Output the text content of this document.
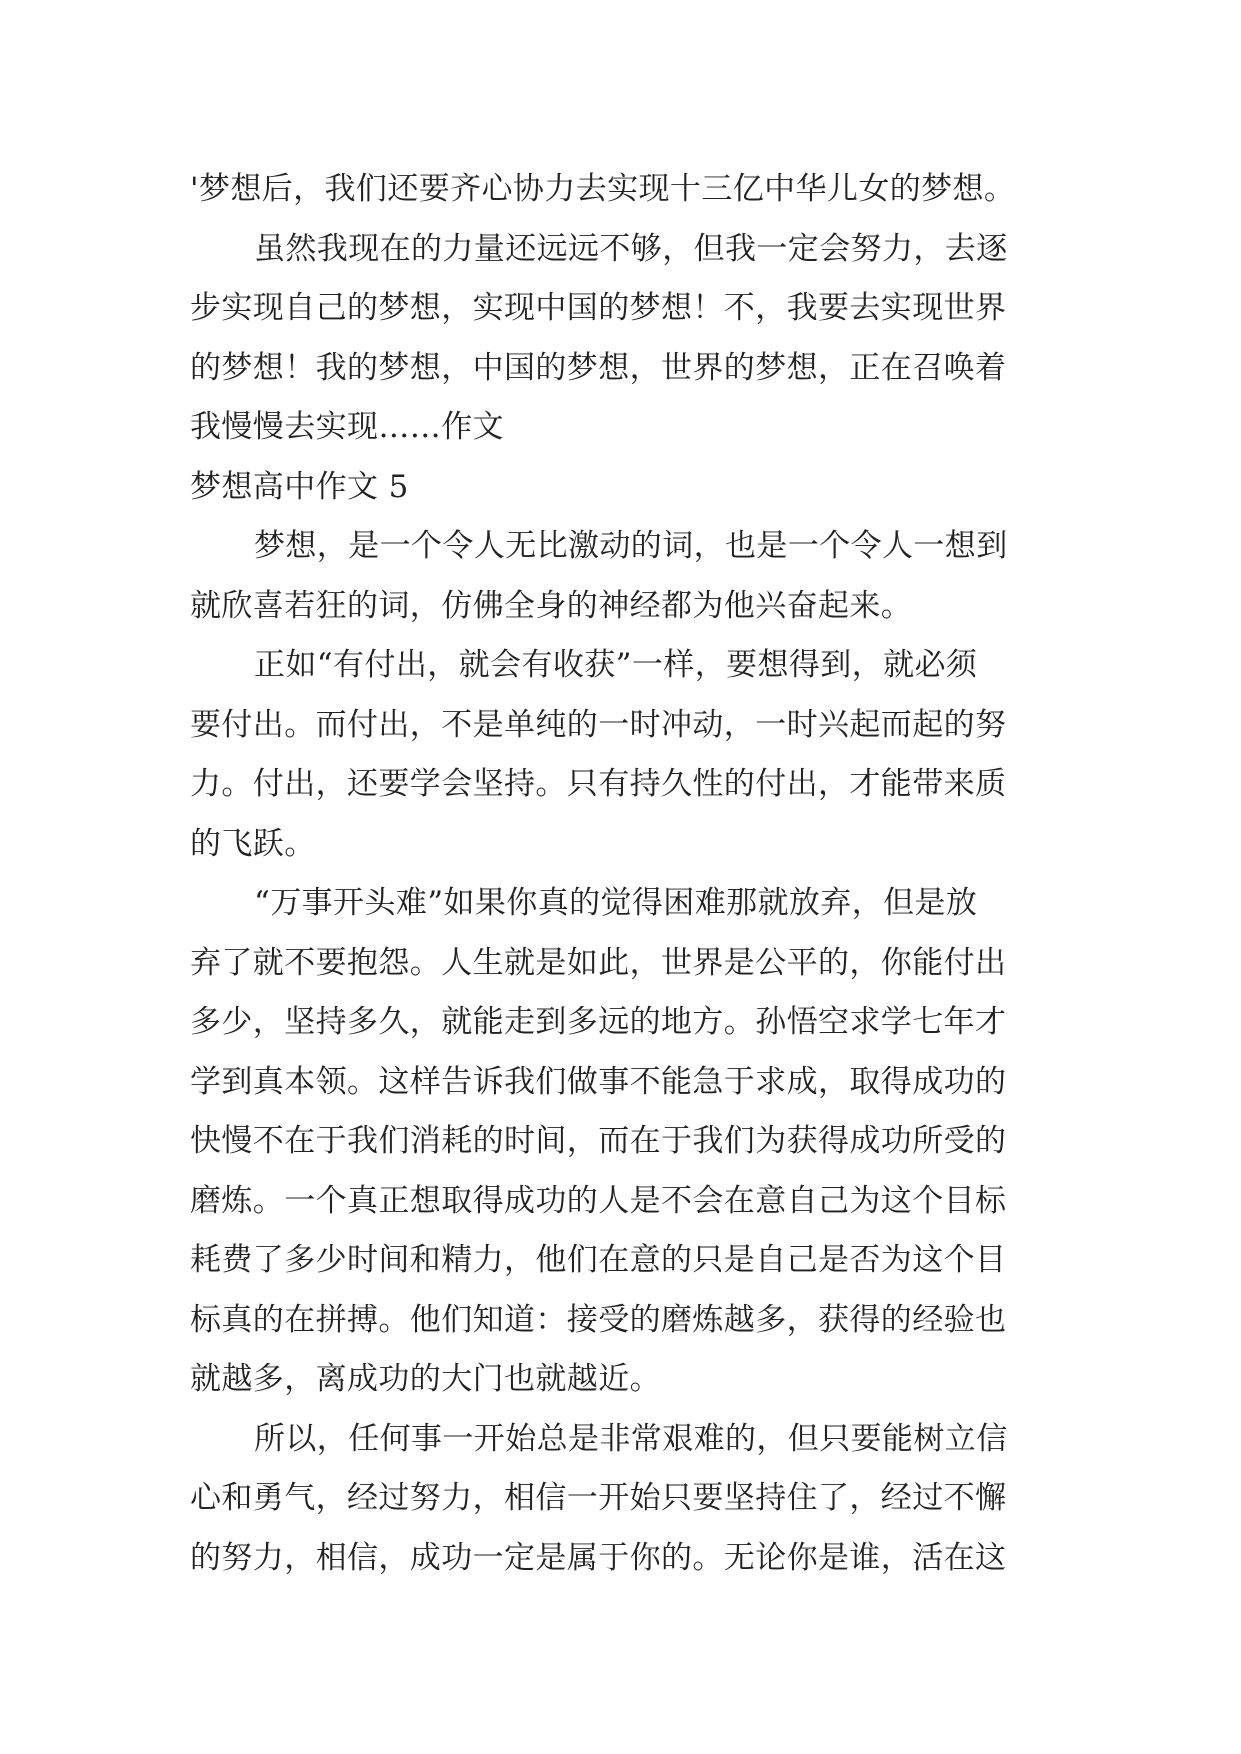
'梦想后，我们还要齐心协力去实现十三亿中华儿女的梦想。
虽然我现在的力量还远远不够，但我一定会努力，去逐
步实现自己的梦想，实现中国的梦想！不，我要去实现世界
的梦想！我的梦想，中国的梦想，世界的梦想，正在召唤着
我慢慢去实现……作文
梦想高中作文 5
梦想，是一个令人无比激动的词，也是一个令人一想到
就欣喜若狂的词，仿佛全身的神经都为他兴奋起来。
正如“有付出，就会有收获”一样，要想得到，就必须
要付出。而付出，不是单纯的一时冲动，一时兴起而起的努
力。付出，还要学会坚持。只有持久性的付出，才能带来质
的飞跃。
“万事开头难”如果你真的觉得困难那就放弃，但是放
弃了就不要抱怨。人生就是如此，世界是公平的，你能付出
多少，坚持多久，就能走到多远的地方。孙悟空求学七年才
学到真本领。这样告诉我们做事不能急于求成，取得成功的
快慢不在于我们消耗的时间，而在于我们为获得成功所受的
磨炼。一个真正想取得成功的人是不会在意自己为这个目标
耗费了多少时间和精力，他们在意的只是自己是否为这个目
标真的在拼搏。他们知道：接受的磨炼越多，获得的经验也
就越多，离成功的大门也就越近。
所以，任何事一开始总是非常艰难的，但只要能树立信
心和勇气，经过努力，相信一开始只要坚持住了，经过不懈
的努力，相信，成功一定是属于你的。无论你是谁，活在这
